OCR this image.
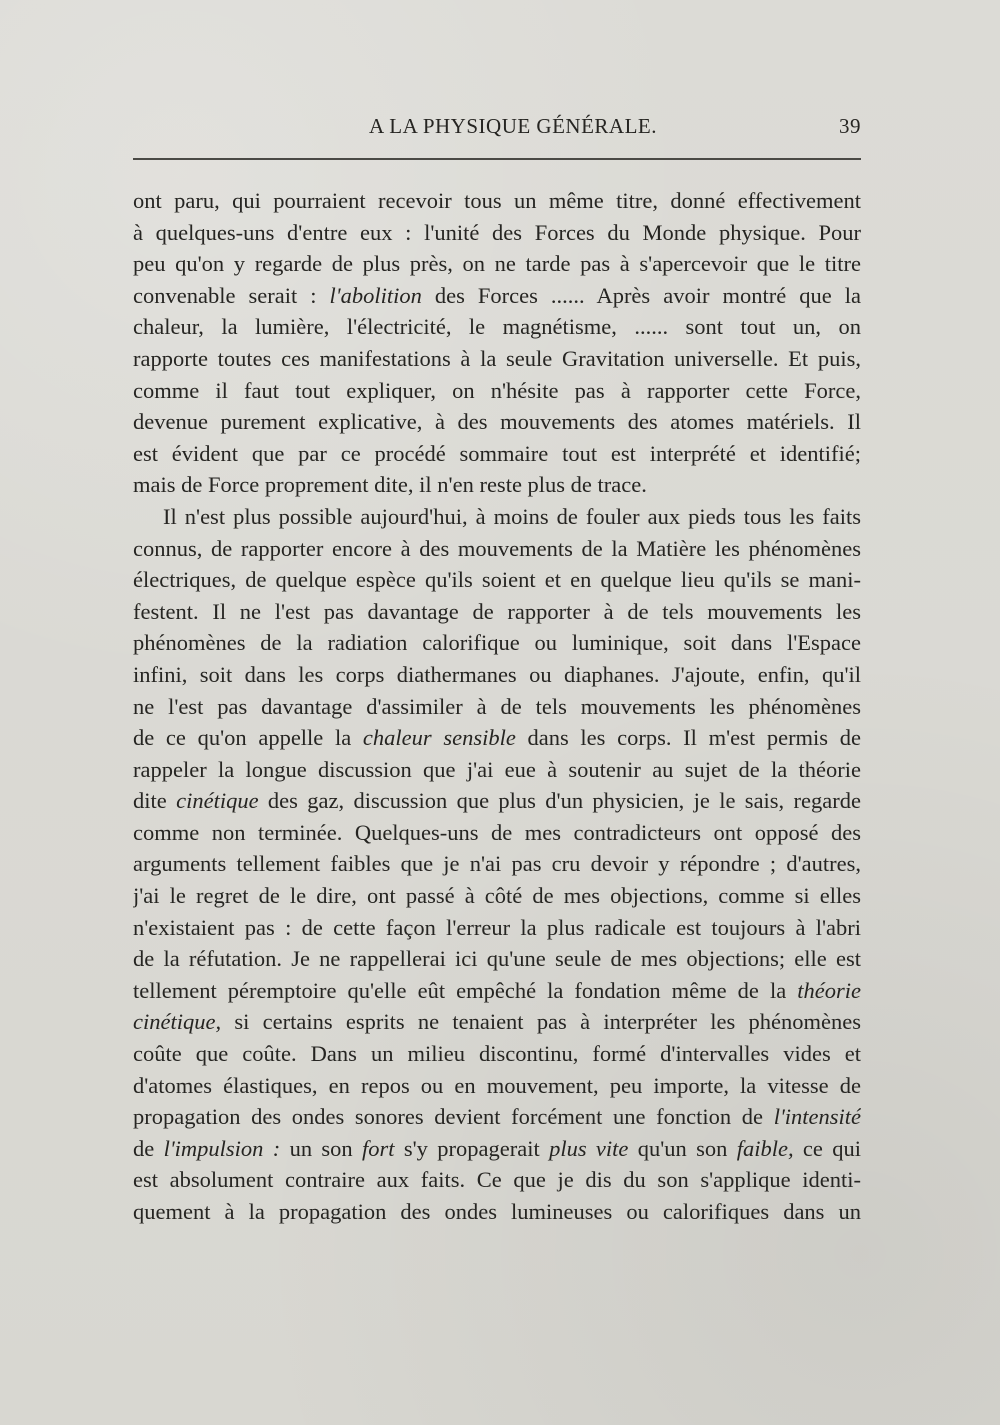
A LA PHYSIQUE GÉNÉRALE.	39
ont paru, qui pourraient recevoir tous un même titre, donné effectivement
à quelques-uns d'entre eux : l'unité des Forces du Monde physique. Pour
peu qu'on y regarde de plus près, on ne tarde pas à s'apercevoir que le titre
convenable serait : l'abolition des Forces ...... Après avoir montré que la
chaleur, la lumière, l'électricité, le magnétisme, ...... sont tout un, on
rapporte toutes ces manifestations à la seule Gravitation universelle. Et puis,
comme il faut tout expliquer, on n'hésite pas à rapporter cette Force,
devenue purement explicative, à des mouvements des atomes matériels. Il
est évident que par ce procédé sommaire tout est interprété et identifié;
mais de Force proprement dite, il n'en reste plus de trace.
Il n'est plus possible aujourd'hui, à moins de fouler aux pieds tous les faits
connus, de rapporter encore à des mouvements de la Matière les phénomènes
électriques, de quelque espèce qu'ils soient et en quelque lieu qu'ils se mani-
festent. Il ne l'est pas davantage de rapporter à de tels mouvements les
phénomènes de la radiation calorifique ou luminique, soit dans l'Espace
infini, soit dans les corps diathermanes ou diaphanes. J'ajoute, enfin, qu'il
ne l'est pas davantage d'assimiler à de tels mouvements les phénomènes
de ce qu'on appelle la chaleur sensible dans les corps. Il m'est permis de
rappeler la longue discussion que j'ai eue à soutenir au sujet de la théorie
dite cinétique des gaz, discussion que plus d'un physicien, je le sais, regarde
comme non terminée. Quelques-uns de mes contradicteurs ont opposé des
arguments tellement faibles que je n'ai pas cru devoir y répondre ; d'autres,
j'ai le regret de le dire, ont passé à côté de mes objections, comme si elles
n'existaient pas : de cette façon l'erreur la plus radicale est toujours à l'abri
de la réfutation. Je ne rappellerai ici qu'une seule de mes objections; elle est
tellement péremptoire qu'elle eût empêché la fondation même de la théorie
cinétique, si certains esprits ne tenaient pas à interpréter les phénomènes
coûte que coûte. Dans un milieu discontinu, formé d'intervalles vides et
d'atomes élastiques, en repos ou en mouvement, peu importe, la vitesse de
propagation des ondes sonores devient forcément une fonction de l'intensité
de l'impulsion : un son fort s'y propagerait plus vite qu'un son faible, ce qui
est absolument contraire aux faits. Ce que je dis du son s'applique identi-
quement à la propagation des ondes lumineuses ou calorifiques dans un
